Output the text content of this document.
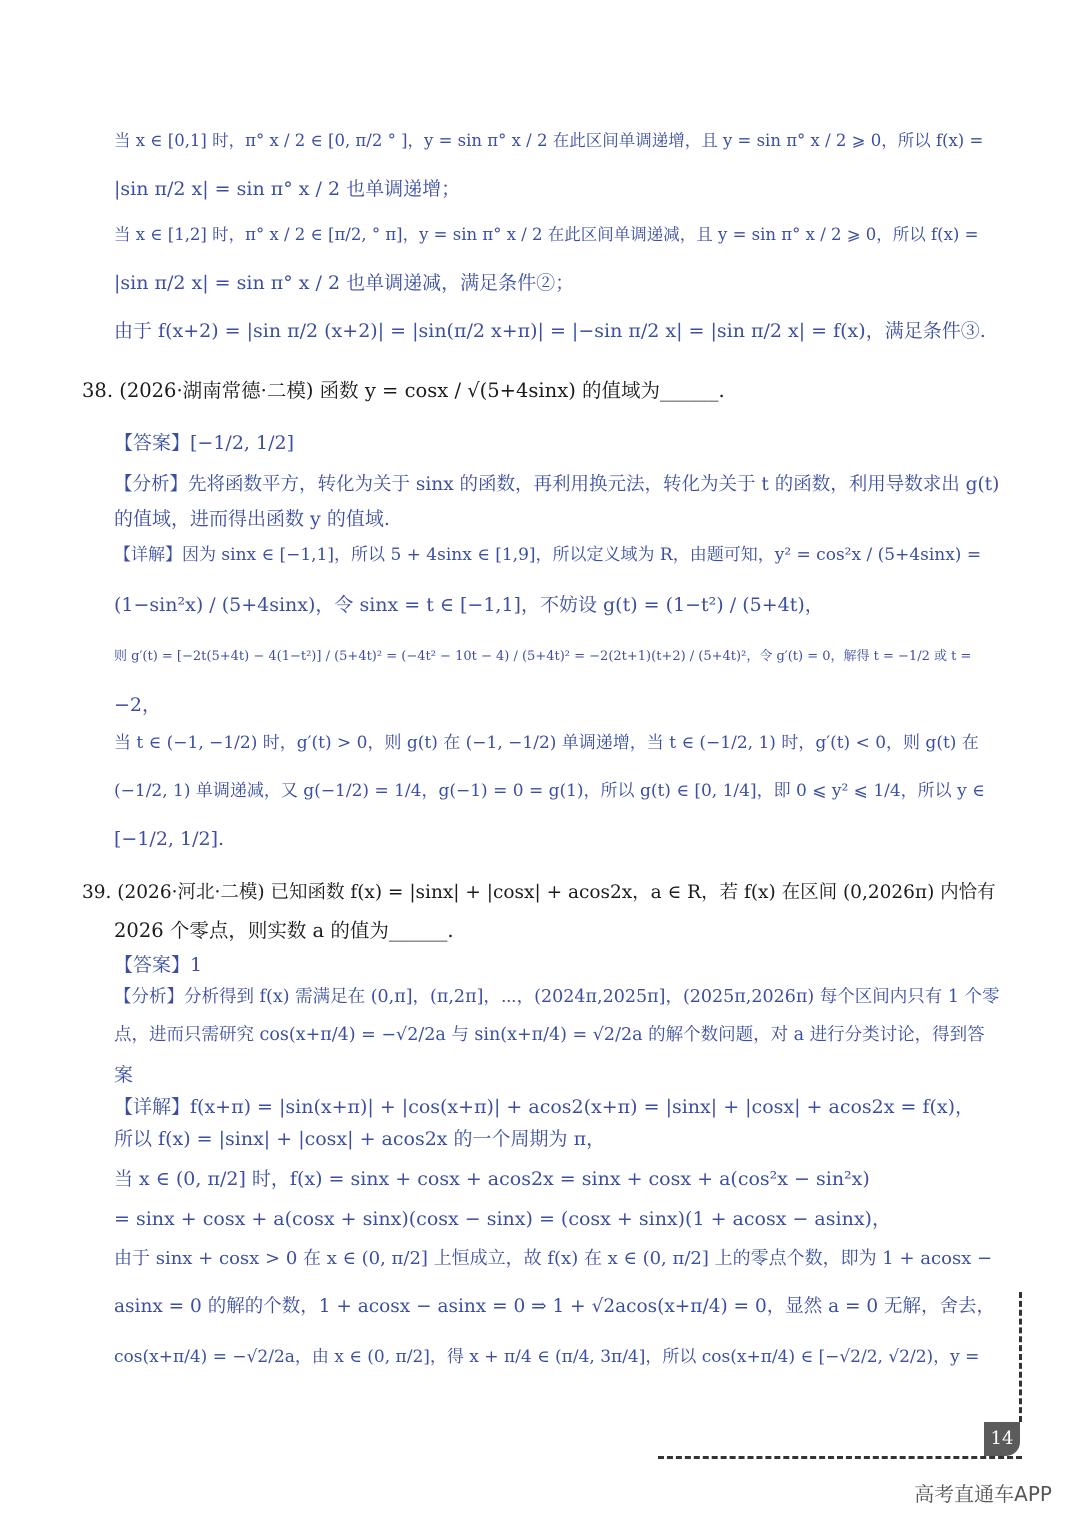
当 x ∈ [0,1] 时，π° x / 2 ∈ [0, π/2 ° ]，y = sin π° x / 2 在此区间单调递增，且 y = sin π° x / 2 ⩾ 0，所以 f(x) =
|sin π/2 x| = sin π° x / 2 也单调递增；
当 x ∈ [1,2] 时，π° x / 2 ∈ [π/2, ° π]，y = sin π° x / 2 在此区间单调递减，且 y = sin π° x / 2 ⩾ 0，所以 f(x) =
|sin π/2 x| = sin π° x / 2 也单调递减，满足条件②；
由于 f(x+2) = |sin π/2 (x+2)| = |sin(π/2 x+π)| = |−sin π/2 x| = |sin π/2 x| = f(x)，满足条件③.
38. (2026·湖南常德·二模) 函数 y = cosx / √(5+4sinx) 的值域为______.
【答案】[−1/2, 1/2]
【分析】先将函数平方，转化为关于 sinx 的函数，再利用换元法，转化为关于 t 的函数，利用导数求出 g(t)
的值域，进而得出函数 y 的值域.
【详解】因为 sinx ∈ [−1,1]，所以 5 + 4sinx ∈ [1,9]，所以定义域为 R，由题可知，y² = cos²x / (5+4sinx) =
(1−sin²x) / (5+4sinx)，令 sinx = t ∈ [−1,1]，不妨设 g(t) = (1−t²) / (5+4t)，
则 g′(t) = [−2t(5+4t) − 4(1−t²)] / (5+4t)² = (−4t² − 10t − 4) / (5+4t)² = −2(2t+1)(t+2) / (5+4t)²，令 g′(t) = 0，解得 t = −1/2 或 t =
−2，
当 t ∈ (−1, −1/2) 时，g′(t) > 0，则 g(t) 在 (−1, −1/2) 单调递增，当 t ∈ (−1/2, 1) 时，g′(t) < 0，则 g(t) 在
(−1/2, 1) 单调递减，又 g(−1/2) = 1/4，g(−1) = 0 = g(1)，所以 g(t) ∈ [0, 1/4]，即 0 ⩽ y² ⩽ 1/4，所以 y ∈
[−1/2, 1/2].
39. (2026·河北·二模) 已知函数 f(x) = |sinx| + |cosx| + acos2x，a ∈ R，若 f(x) 在区间 (0,2026π) 内恰有
2026 个零点，则实数 a 的值为______.
【答案】1
【分析】分析得到 f(x) 需满足在 (0,π]，(π,2π]，⋯，(2024π,2025π]，(2025π,2026π) 每个区间内只有 1 个零
点，进而只需研究 cos(x+π/4) = −√2/2a 与 sin(x+π/4) = √2/2a 的解个数问题，对 a 进行分类讨论，得到答
案
【详解】f(x+π) = |sin(x+π)| + |cos(x+π)| + acos2(x+π) = |sinx| + |cosx| + acos2x = f(x)，
所以 f(x) = |sinx| + |cosx| + acos2x 的一个周期为 π，
当 x ∈ (0, π/2] 时，f(x) = sinx + cosx + acos2x = sinx + cosx + a(cos²x − sin²x)
= sinx + cosx + a(cosx + sinx)(cosx − sinx) = (cosx + sinx)(1 + acosx − asinx)，
由于 sinx + cosx > 0 在 x ∈ (0, π/2] 上恒成立，故 f(x) 在 x ∈ (0, π/2] 上的零点个数，即为 1 + acosx −
asinx = 0 的解的个数，1 + acosx − asinx = 0 ⇒ 1 + √2acos(x+π/4) = 0，显然 a = 0 无解，舍去，
cos(x+π/4) = −√2/2a，由 x ∈ (0, π/2]，得 x + π/4 ∈ (π/4, 3π/4]，所以 cos(x+π/4) ∈ [−√2/2, √2/2)，y =
14
高考直通车APP
